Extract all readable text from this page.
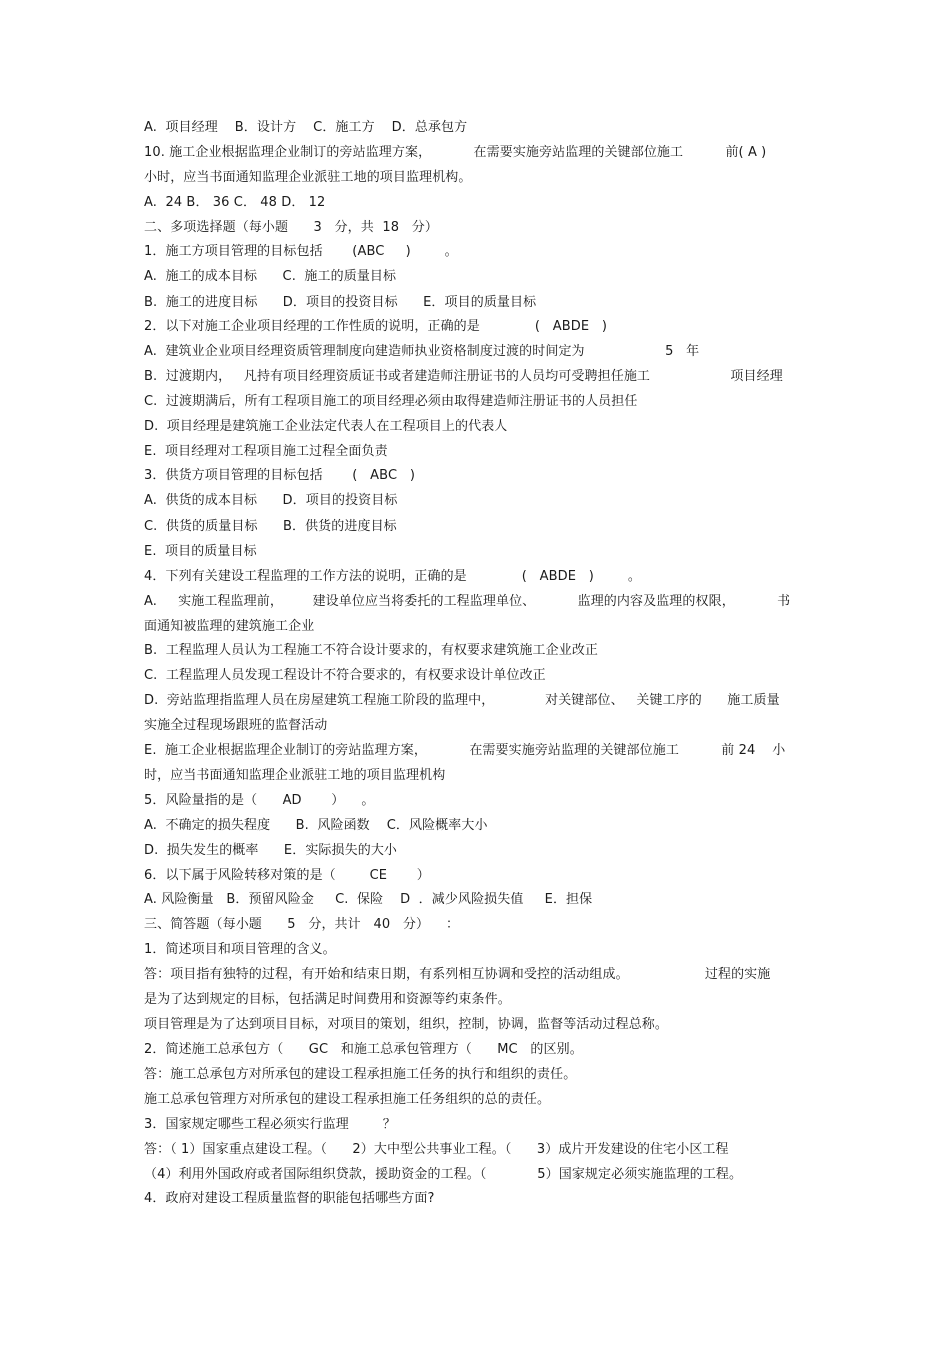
A.  项目经理    B．设计方    C．施工方    D．总承包方
10. 施工企业根据监理企业制订的旁站监理方案，          在需要实施旁站监理的关键部位施工          前( A )
小时，应当书面通知监理企业派驻工地的项目监理机构。
A.  24 B． 36 C． 48 D． 12
二、多项选择题（每小题      3   分，共  18   分）
1．施工方项目管理的目标包括       (ABC     )        。
A.  施工的成本目标      C.  施工的质量目标
B.  施工的进度目标      D．项目的投资目标      E．项目的质量目标
2．以下对施工企业项目经理的工作性质的说明，正确的是             (   ABDE   )
A.  建筑业企业项目经理资质管理制度向建造师执业资格制度过渡的时间定为                   5   年
B.  过渡期内，   凡持有项目经理资质证书或者建造师注册证书的人员均可受聘担任施工                   项目经理
C.  过渡期满后，所有工程项目施工的项目经理必须由取得建造师注册证书的人员担任
D.  项目经理是建筑施工企业法定代表人在工程项目上的代表人
E.  项目经理对工程项目施工过程全面负责
3．供货方项目管理的目标包括       (   ABC   )
A.  供货的成本目标      D．项目的投资目标
C.  供货的质量目标      B．供货的进度目标
E.  项目的质量目标
4．下列有关建设工程监理的工作方法的说明，正确的是             (   ABDE   )        。
A.     实施工程监理前，       建设单位应当将委托的工程监理单位、          监理的内容及监理的权限，          书
面通知被监理的建筑施工企业
B.  工程监理人员认为工程施工不符合设计要求的，有权要求建筑施工企业改正
C.  工程监理人员发现工程设计不符合要求的，有权要求设计单位改正
D.  旁站监理指监理人员在房屋建筑工程施工阶段的监理中，            对关键部位、   关键工序的      施工质量
实施全过程现场跟班的监督活动
E.  施工企业根据监理企业制订的旁站监理方案，          在需要实施旁站监理的关键部位施工          前 24    小
时，应当书面通知监理企业派驻工地的项目监理机构
5．风险量指的是（      AD       ）    。
A.  不确定的损失程度      B.  风险函数    C．风险概率大小
D.  损失发生的概率      E．实际损失的大小
6．以下属于风险转移对策的是（        CE       ）
A. 风险衡量   B．预留风险金     C.  保险    D  ．减少风险损失值     E．担保
三、简答题（每小题      5   分，共计   40   分）    ：
1．简述项目和项目管理的含义。
答：项目指有独特的过程，有开始和结束日期，有系列相互协调和受控的活动组成。                  过程的实施
是为了达到规定的目标，包括满足时间费用和资源等约束条件。
项目管理是为了达到项目目标，对项目的策划，组织，控制，协调，监督等活动过程总称。
2．简述施工总承包方（      GC   和施工总承包管理方（      MC   的区别。
答：施工总承包方对所承包的建设工程承担施工任务的执行和组织的责任。
施工总承包管理方对所承包的建设工程承担施工任务组织的总的责任。
3．国家规定哪些工程必须实行监理        ？
答：（ 1）国家重点建设工程。（      2）大中型公共事业工程。（      3）成片开发建设的住宅小区工程
（4）利用外国政府或者国际组织贷款，援助资金的工程。（            5）国家规定必须实施监理的工程。
4．政府对建设工程质量监督的职能包括哪些方面?
